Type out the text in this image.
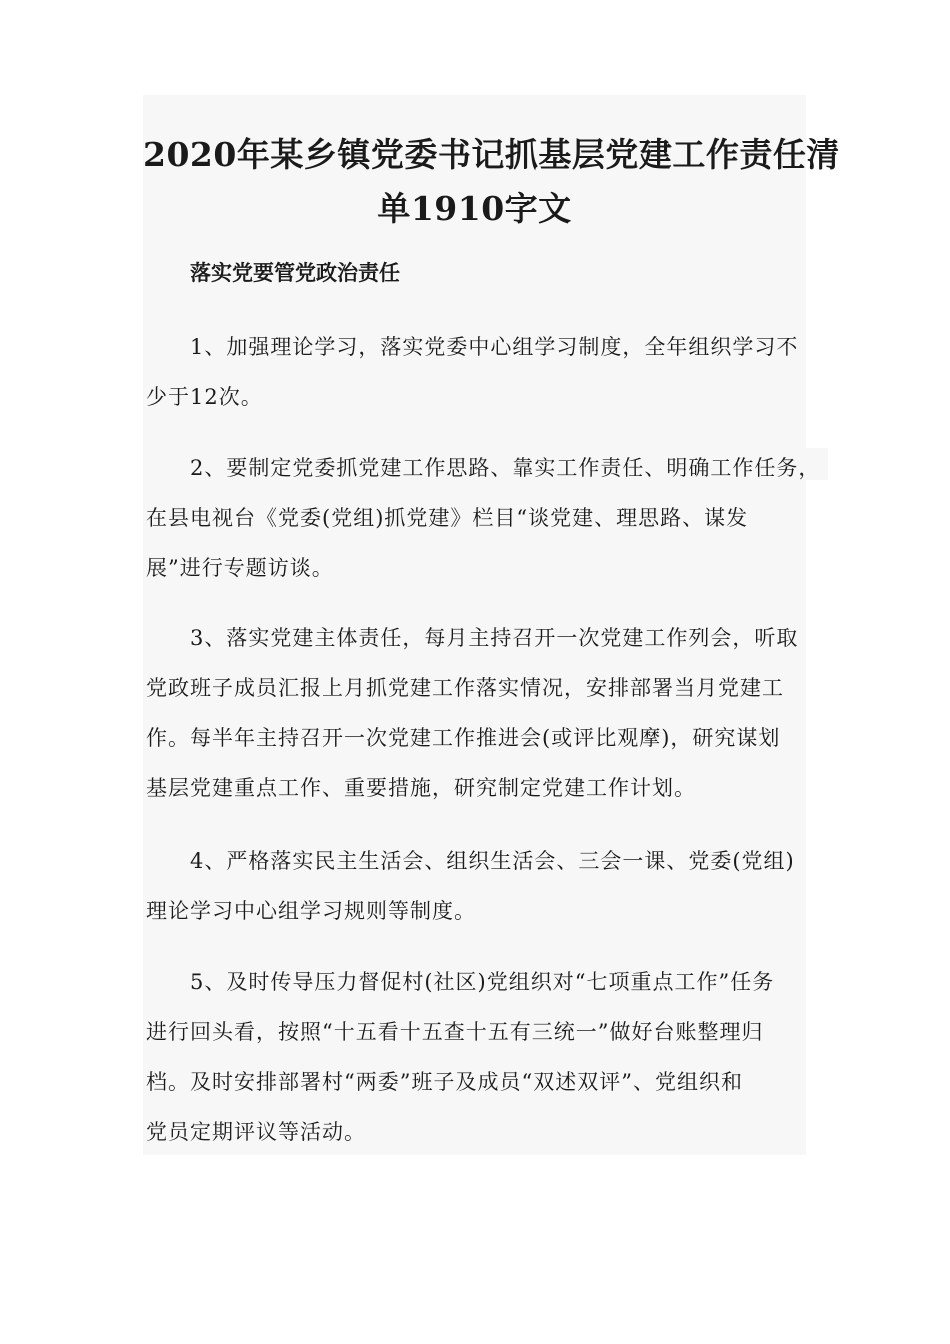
2020年某乡镇党委书记抓基层党建工作责任清
单1910字文
落实党要管党政治责任

1、加强理论学习，落实党委中心组学习制度，全年组织学习不
少于12次。

2、要制定党委抓党建工作思路、靠实工作责任、明确工作任务，
在县电视台《党委(党组)抓党建》栏目“谈党建、理思路、谋发
展”进行专题访谈。

3、落实党建主体责任，每月主持召开一次党建工作列会，听取
党政班子成员汇报上月抓党建工作落实情况，安排部署当月党建工
作。每半年主持召开一次党建工作推进会(或评比观摩)，研究谋划
基层党建重点工作、重要措施，研究制定党建工作计划。

4、严格落实民主生活会、组织生活会、三会一课、党委(党组)
理论学习中心组学习规则等制度。

5、及时传导压力督促村(社区)党组织对“七项重点工作”任务
进行回头看，按照“十五看十五查十五有三统一”做好台账整理归
档。及时安排部署村“两委”班子及成员“双述双评”、党组织和
党员定期评议等活动。
